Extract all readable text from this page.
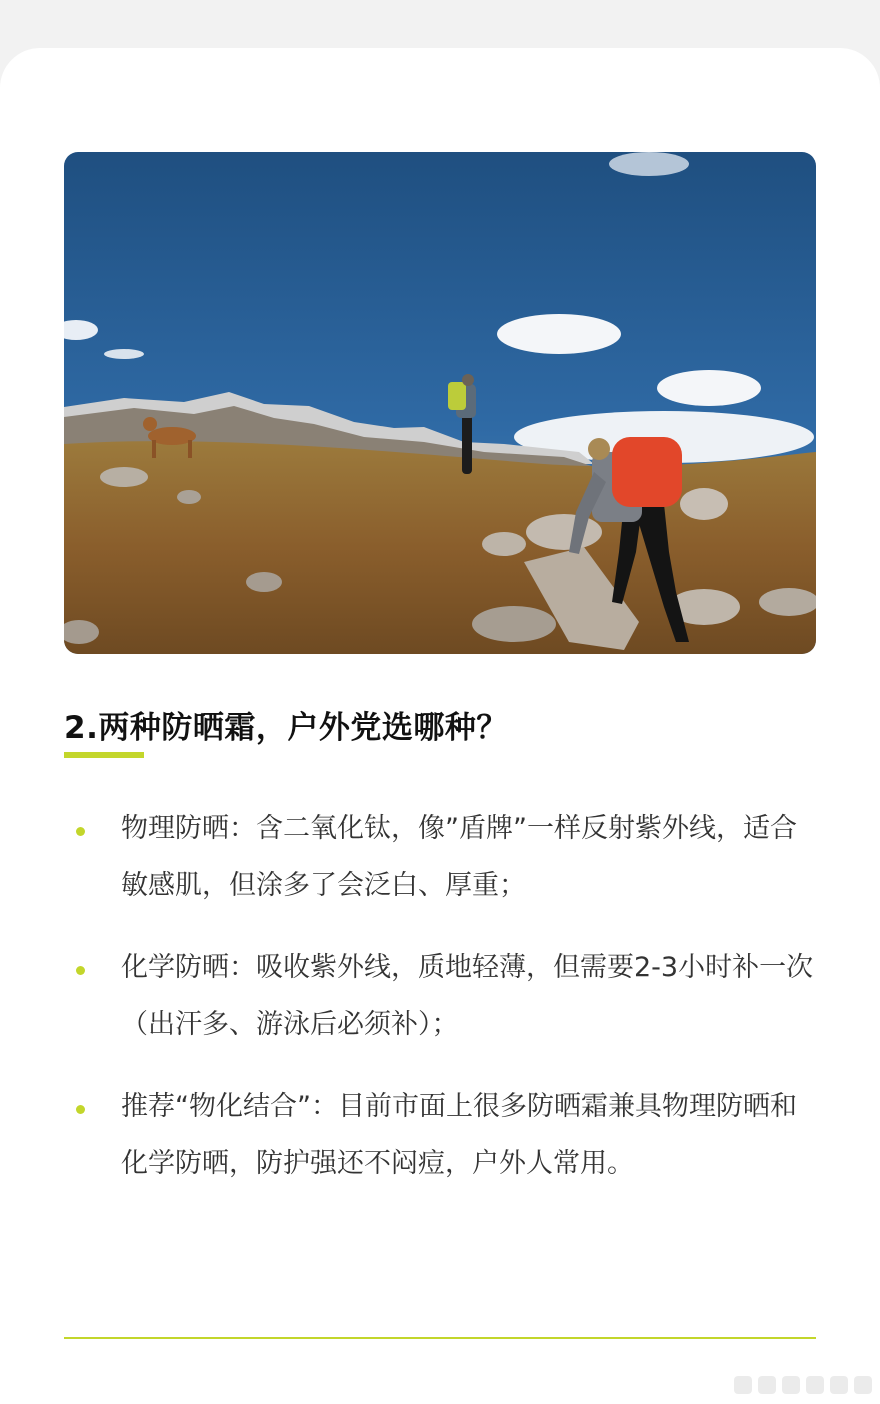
2.两种防晒霜，户外党选哪种？
物理防晒：含二氧化钛，像”盾牌”一样反射紫外线，适合敏感肌，但涂多了会泛白、厚重；
化学防晒：吸收紫外线，质地轻薄，但需要2-3小时补一次（出汗多、游泳后必须补）；
推荐“物化结合”：目前市面上很多防晒霜兼具物理防晒和化学防晒，防护强还不闷痘，户外人常用。
